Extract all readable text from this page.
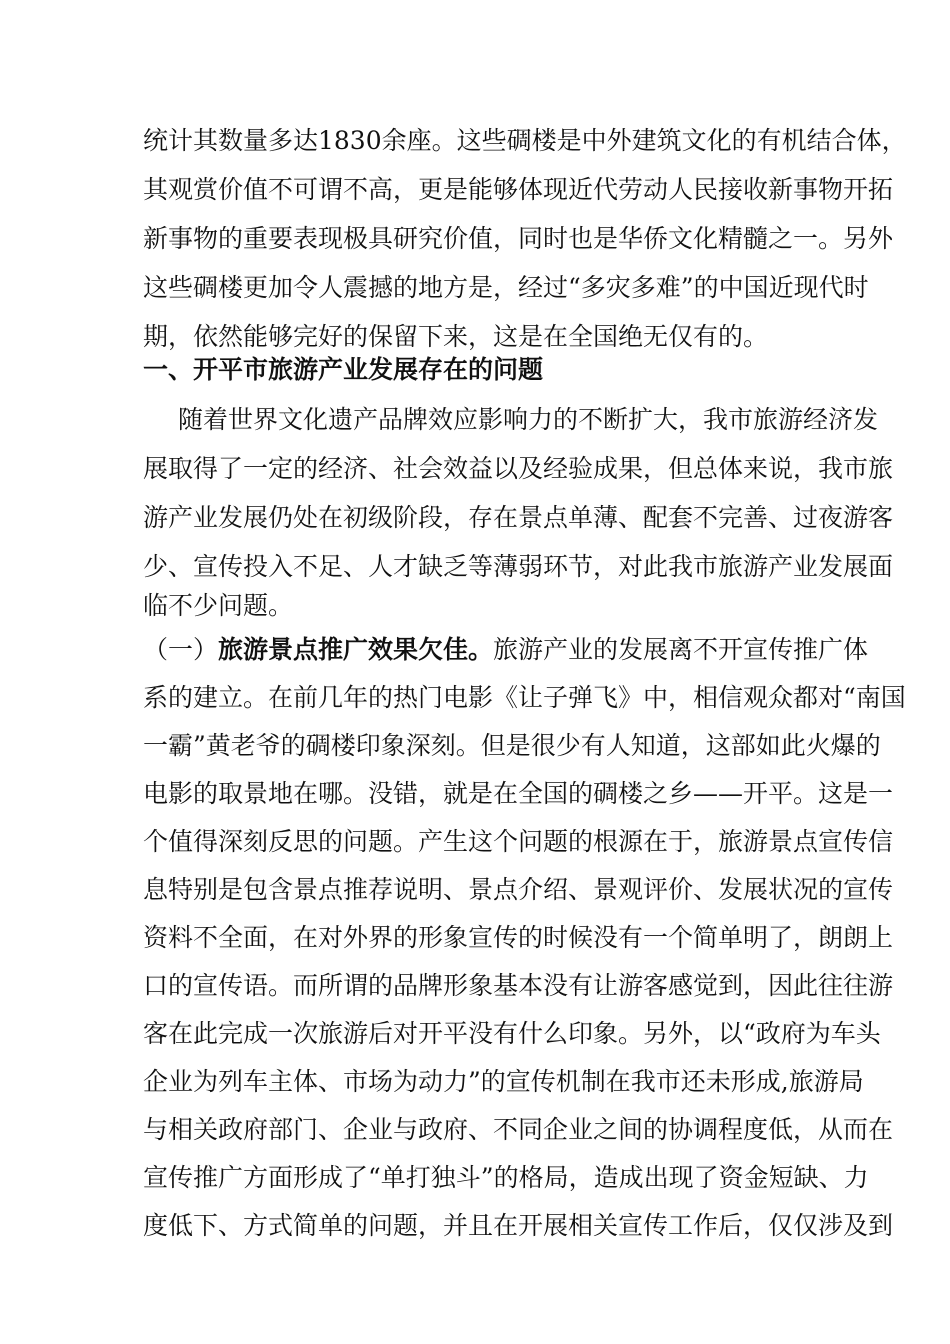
统计其数量多达1830余座。这些碉楼是中外建筑文化的有机结合体，
其观赏价值不可谓不高，更是能够体现近代劳动人民接收新事物开拓
新事物的重要表现极具研究价值，同时也是华侨文化精髓之一。另外
这些碉楼更加令人震撼的地方是，经过“多灾多难”的中国近现代时
期，依然能够完好的保留下来，这是在全国绝无仅有的。
一、开平市旅游产业发展存在的问题
随着世界文化遗产品牌效应影响力的不断扩大，我市旅游经济发
展取得了一定的经济、社会效益以及经验成果，但总体来说，我市旅
游产业发展仍处在初级阶段，存在景点单薄、配套不完善、过夜游客
少、宣传投入不足、人才缺乏等薄弱环节，对此我市旅游产业发展面
临不少问题。
（一）旅游景点推广效果欠佳。旅游产业的发展离不开宣传推广体
系的建立。在前几年的热门电影《让子弹飞》中，相信观众都对“南国
一霸”黄老爷的碉楼印象深刻。但是很少有人知道，这部如此火爆的
电影的取景地在哪。没错，就是在全国的碉楼之乡——开平。这是一
个值得深刻反思的问题。产生这个问题的根源在于，旅游景点宣传信
息特别是包含景点推荐说明、景点介绍、景观评价、发展状况的宣传
资料不全面，在对外界的形象宣传的时候没有一个简单明了，朗朗上
口的宣传语。而所谓的品牌形象基本没有让游客感觉到，因此往往游
客在此完成一次旅游后对开平没有什么印象。另外，以“政府为车头
企业为列车主体、市场为动力”的宣传机制在我市还未形成,旅游局
与相关政府部门、企业与政府、不同企业之间的协调程度低，从而在
宣传推广方面形成了“单打独斗”的格局，造成出现了资金短缺、力
度低下、方式简单的问题，并且在开展相关宣传工作后，仅仅涉及到
